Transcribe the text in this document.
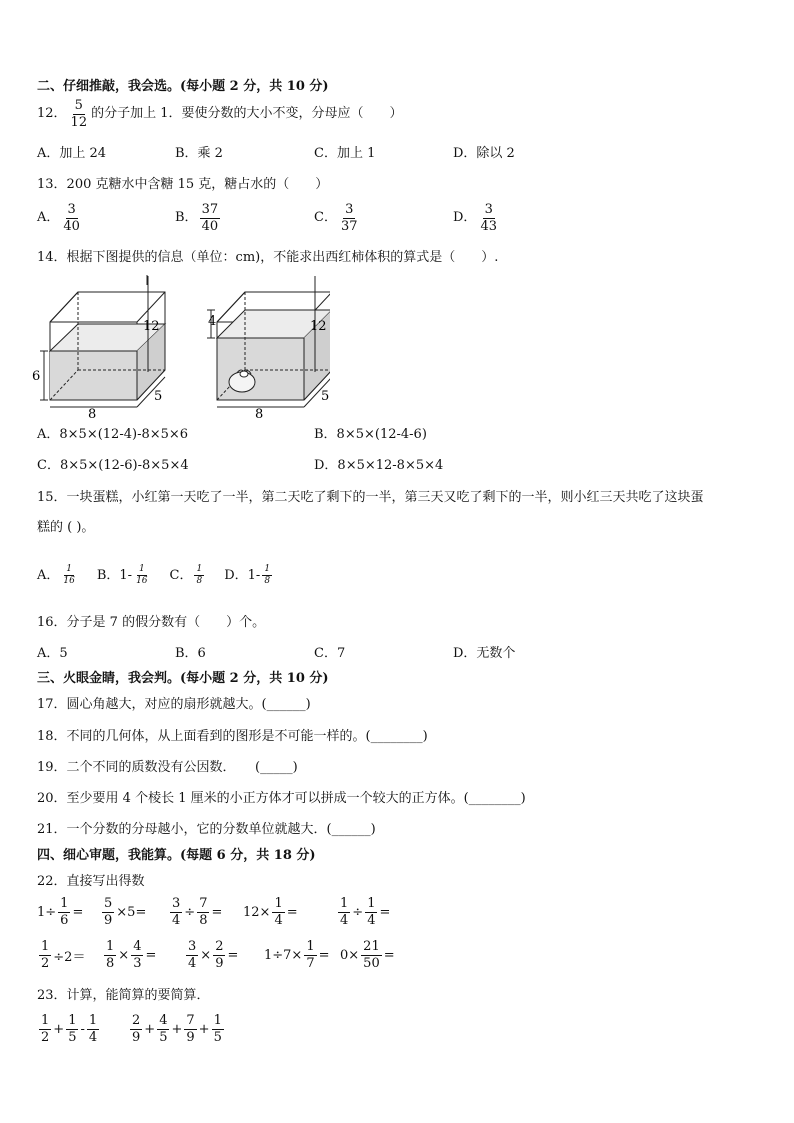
二、仔细推敲，我会选。(每小题 2 分，共 10 分)
12． $\frac{5}{12}$ 的分子加上 1．要使分数的大小不变，分母应（　　）
A．加上 24	B．乘 2	C．加上 1	D．除以 2
13．200 克糖水中含糖 15 克，糖占水的（　　）
A． $\frac{3}{40}$	B． $\frac{37}{40}$	C． $\frac{3}{37}$	D． $\frac{3}{43}$
14．根据下图提供的信息（单位：cm)，不能求出西红柿体积的算式是（　　）.
12
6
8
5
12
4
8
5
A．8×5×(12-4)-8×5×6	B．8×5×(12-4-6)
C．8×5×(12-6)-8×5×4	D．8×5×12-8×5×4
15．一块蛋糕，小红第一天吃了一半，第二天吃了剩下的一半，第三天又吃了剩下的一半，则小红三天共吃了这块蛋
糕的 ( )。
A． $\frac{1}{16}$ B． $1- \frac{1}{16}$ C． $\frac{1}{8}$ D． $1- \frac{1}{8}$
16．分子是 7 的假分数有（　　）个。
A．5	B．6	C．7	D．无数个
三、火眼金睛，我会判。(每小题 2 分，共 10 分)
17．圆心角越大，对应的扇形就越大。(______)
18．不同的几何体，从上面看到的图形是不可能一样的。(________)
19．二个不同的质数没有公因数．　　(_____)
20．至少要用 4 个棱长 1 厘米的小正方体才可以拼成一个较大的正方体。(________)
21．一个分数的分母越小，它的分数单位就越大．(______)
四、细心审题，我能算。(每题 6 分，共 18 分)
22．直接写出得数
$1\div \frac{1}{6} = \frac{5}{9} \times 5= \frac{3}{4} \div \frac{7}{8} = 12\times \frac{1}{4}$ =	$\frac{1}{4} \div \frac{1}{4}$ =
$\frac{1}{2} \div 2= \frac{1}{8} \times \frac{4}{3} = \frac{3}{4} \times \frac{2}{9} = 1\div 7\times \frac{1}{7} = 0\times \frac{21}{50}$ =
23．计算，能简算的要简算．
$\frac{1}{2} + \frac{1}{5} - \frac{1}{4} \frac{2}{9} + \frac{4}{5} + \frac{7}{9} + \frac{1}{5}$
